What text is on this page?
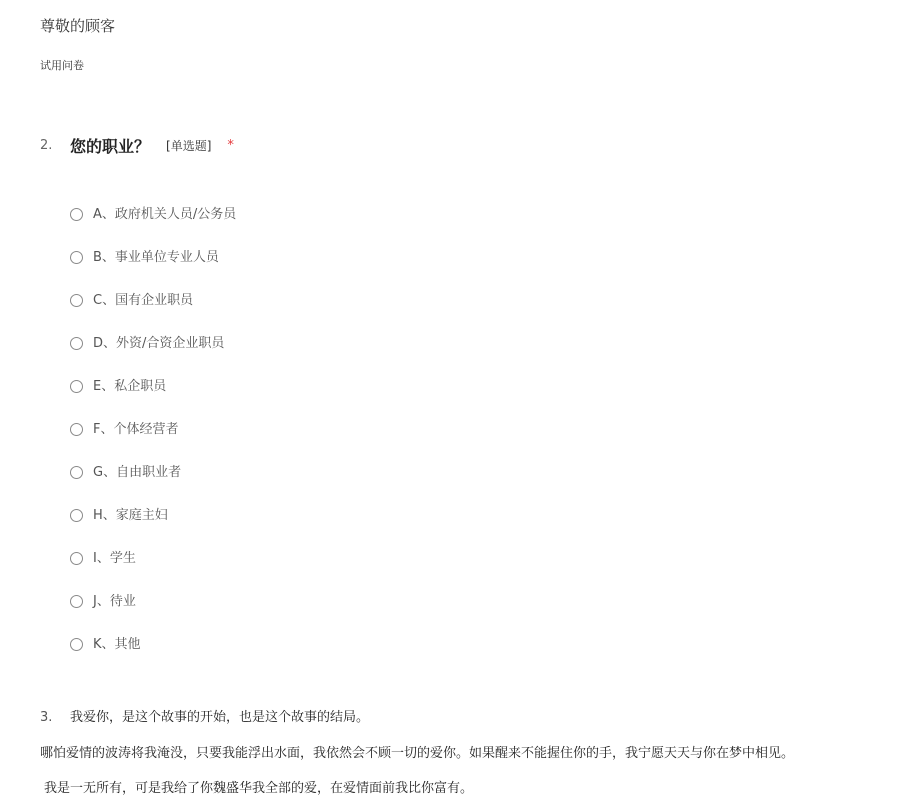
尊敬的顾客
试用问卷
2.	您的职业？ [单选题] *
A、政府机关人员/公务员
B、事业单位专业人员
C、国有企业职员
D、外资/合资企业职员
E、私企职员
F、个体经营者
G、自由职业者
H、家庭主妇
I、学生
J、待业
K、其他
3. 我爱你，是这个故事的开始，也是这个故事的结局。
哪怕爱情的波涛将我淹没，只要我能浮出水面，我依然会不顾一切的爱你。如果醒来不能握住你的手，我宁愿天天与你在梦中相见。
我是一无所有，可是我给了你魏盛华我全部的爱，在爱情面前我比你富有。
